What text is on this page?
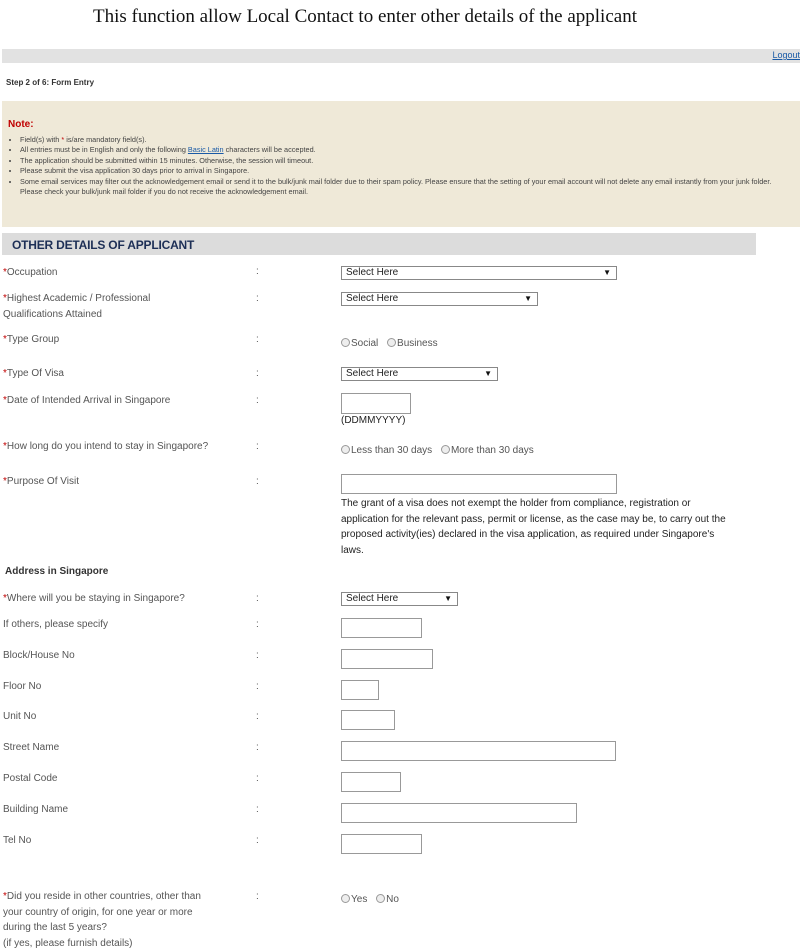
This function allow Local Contact to enter other details of the applicant
Logout
Step 2 of 6: Form Entry
Note:
• Field(s) with * is/are mandatory field(s).
• All entries must be in English and only the following Basic Latin characters will be accepted.
• The application should be submitted within 15 minutes. Otherwise, the session will timeout.
• Please submit the visa application 30 days prior to arrival in Singapore.
• Some email services may filter out the acknowledgement email or send it to the bulk/junk mail folder due to their spam policy. Please ensure that the setting of your email account will not delete any email instantly from your junk folder. Please check your bulk/junk mail folder if you do not receive the acknowledgement email.
OTHER DETAILS OF APPLICANT
*Occupation	:	Select Here	▼
*Highest Academic / Professional
Qualifications Attained
:	Select Here	▼
*Type Group	:	Social Business
*Type Of Visa	:	Select Here	▼
*Date of Intended Arrival in Singapore	:
(DDMMYYYY)
*How long do you intend to stay in Singapore?	:	Less than 30 days More than 30 days
*Purpose Of Visit	:
The grant of a visa does not exempt the holder from compliance, registration or application for the relevant pass, permit or license, as the case may be, to carry out the proposed activity(ies) declared in the visa application, as required under Singapore's laws.
Address in Singapore
*Where will you be staying in Singapore?	:	Select Here	▼
If others, please specify	:
Block/House No	:
Floor No	:
Unit No	:
Street Name	:
Postal Code	:
Building Name	:
Tel No	:
*Did you reside in other countries, other than
your country of origin, for one year or more
during the last 5 years?
(if yes, please furnish details)
:	Yes No
